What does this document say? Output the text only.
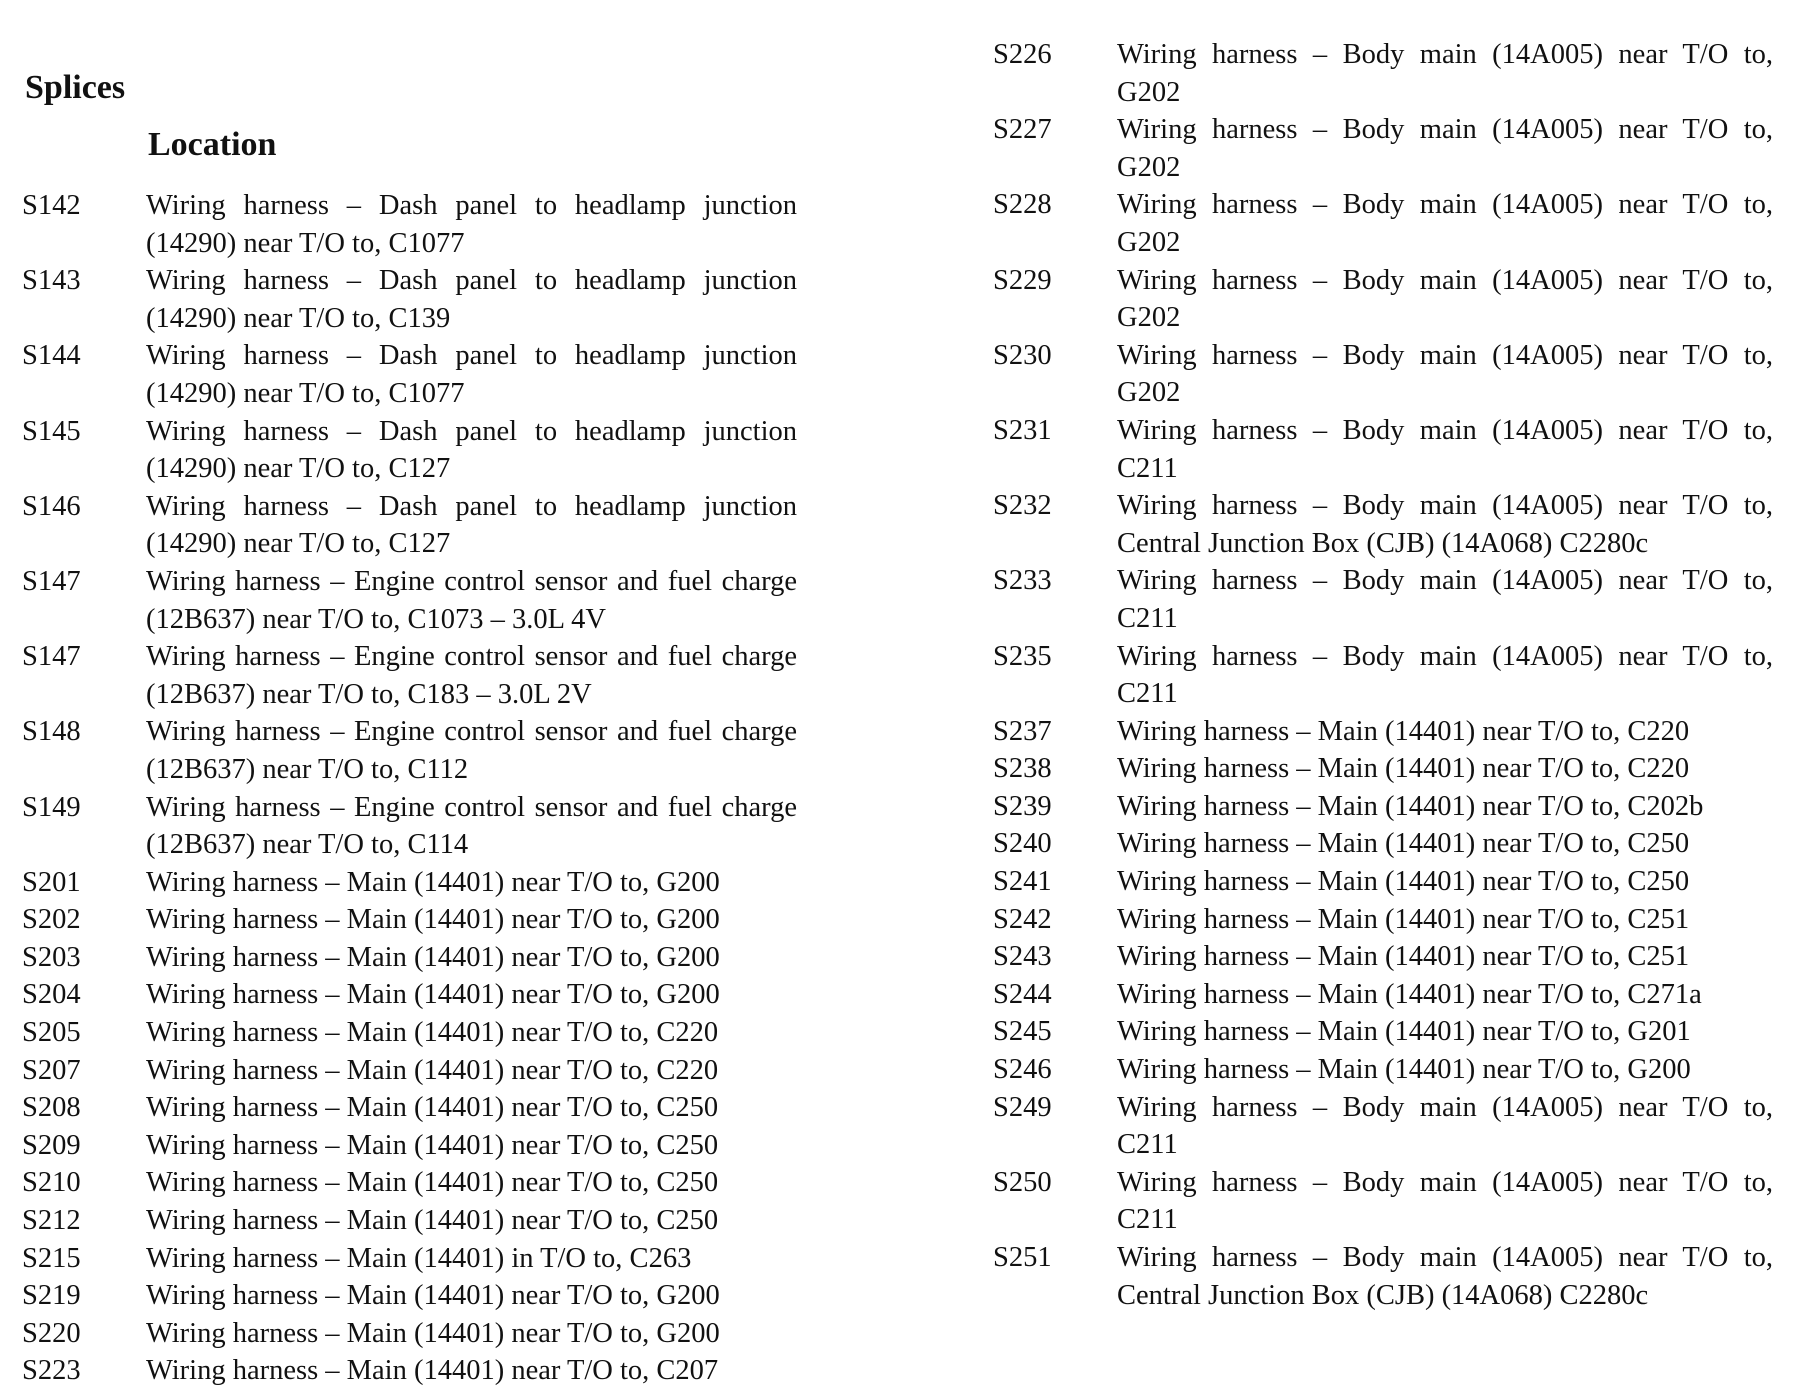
Splices
Location
S142	Wiring harness – Dash panel to headlamp junction (14290) near T/O to, C1077
S143	Wiring harness – Dash panel to headlamp junction (14290) near T/O to, C139
S144	Wiring harness – Dash panel to headlamp junction (14290) near T/O to, C1077
S145	Wiring harness – Dash panel to headlamp junction (14290) near T/O to, C127
S146	Wiring harness – Dash panel to headlamp junction (14290) near T/O to, C127
S147	Wiring harness – Engine control sensor and fuel charge (12B637) near T/O to, C1073 – 3.0L 4V
S147	Wiring harness – Engine control sensor and fuel charge (12B637) near T/O to, C183 – 3.0L 2V
S148	Wiring harness – Engine control sensor and fuel charge (12B637) near T/O to, C112
S149	Wiring harness – Engine control sensor and fuel charge (12B637) near T/O to, C114
S201	Wiring harness – Main (14401) near T/O to, G200
S202	Wiring harness – Main (14401) near T/O to, G200
S203	Wiring harness – Main (14401) near T/O to, G200
S204	Wiring harness – Main (14401) near T/O to, G200
S205	Wiring harness – Main (14401) near T/O to, C220
S207	Wiring harness – Main (14401) near T/O to, C220
S208	Wiring harness – Main (14401) near T/O to, C250
S209	Wiring harness – Main (14401) near T/O to, C250
S210	Wiring harness – Main (14401) near T/O to, C250
S212	Wiring harness – Main (14401) near T/O to, C250
S215	Wiring harness – Main (14401) in T/O to, C263
S219	Wiring harness – Main (14401) near T/O to, G200
S220	Wiring harness – Main (14401) near T/O to, G200
S223	Wiring harness – Main (14401) near T/O to, C207
S226	Wiring harness – Body main (14A005) near T/O to, G202
S227	Wiring harness – Body main (14A005) near T/O to, G202
S228	Wiring harness – Body main (14A005) near T/O to, G202
S229	Wiring harness – Body main (14A005) near T/O to, G202
S230	Wiring harness – Body main (14A005) near T/O to, G202
S231	Wiring harness – Body main (14A005) near T/O to, C211
S232	Wiring harness – Body main (14A005) near T/O to, Central Junction Box (CJB) (14A068) C2280c
S233	Wiring harness – Body main (14A005) near T/O to, C211
S235	Wiring harness – Body main (14A005) near T/O to, C211
S237	Wiring harness – Main (14401) near T/O to, C220
S238	Wiring harness – Main (14401) near T/O to, C220
S239	Wiring harness – Main (14401) near T/O to, C202b
S240	Wiring harness – Main (14401) near T/O to, C250
S241	Wiring harness – Main (14401) near T/O to, C250
S242	Wiring harness – Main (14401) near T/O to, C251
S243	Wiring harness – Main (14401) near T/O to, C251
S244	Wiring harness – Main (14401) near T/O to, C271a
S245	Wiring harness – Main (14401) near T/O to, G201
S246	Wiring harness – Main (14401) near T/O to, G200
S249	Wiring harness – Body main (14A005) near T/O to, C211
S250	Wiring harness – Body main (14A005) near T/O to, C211
S251	Wiring harness – Body main (14A005) near T/O to, Central Junction Box (CJB) (14A068) C2280c
